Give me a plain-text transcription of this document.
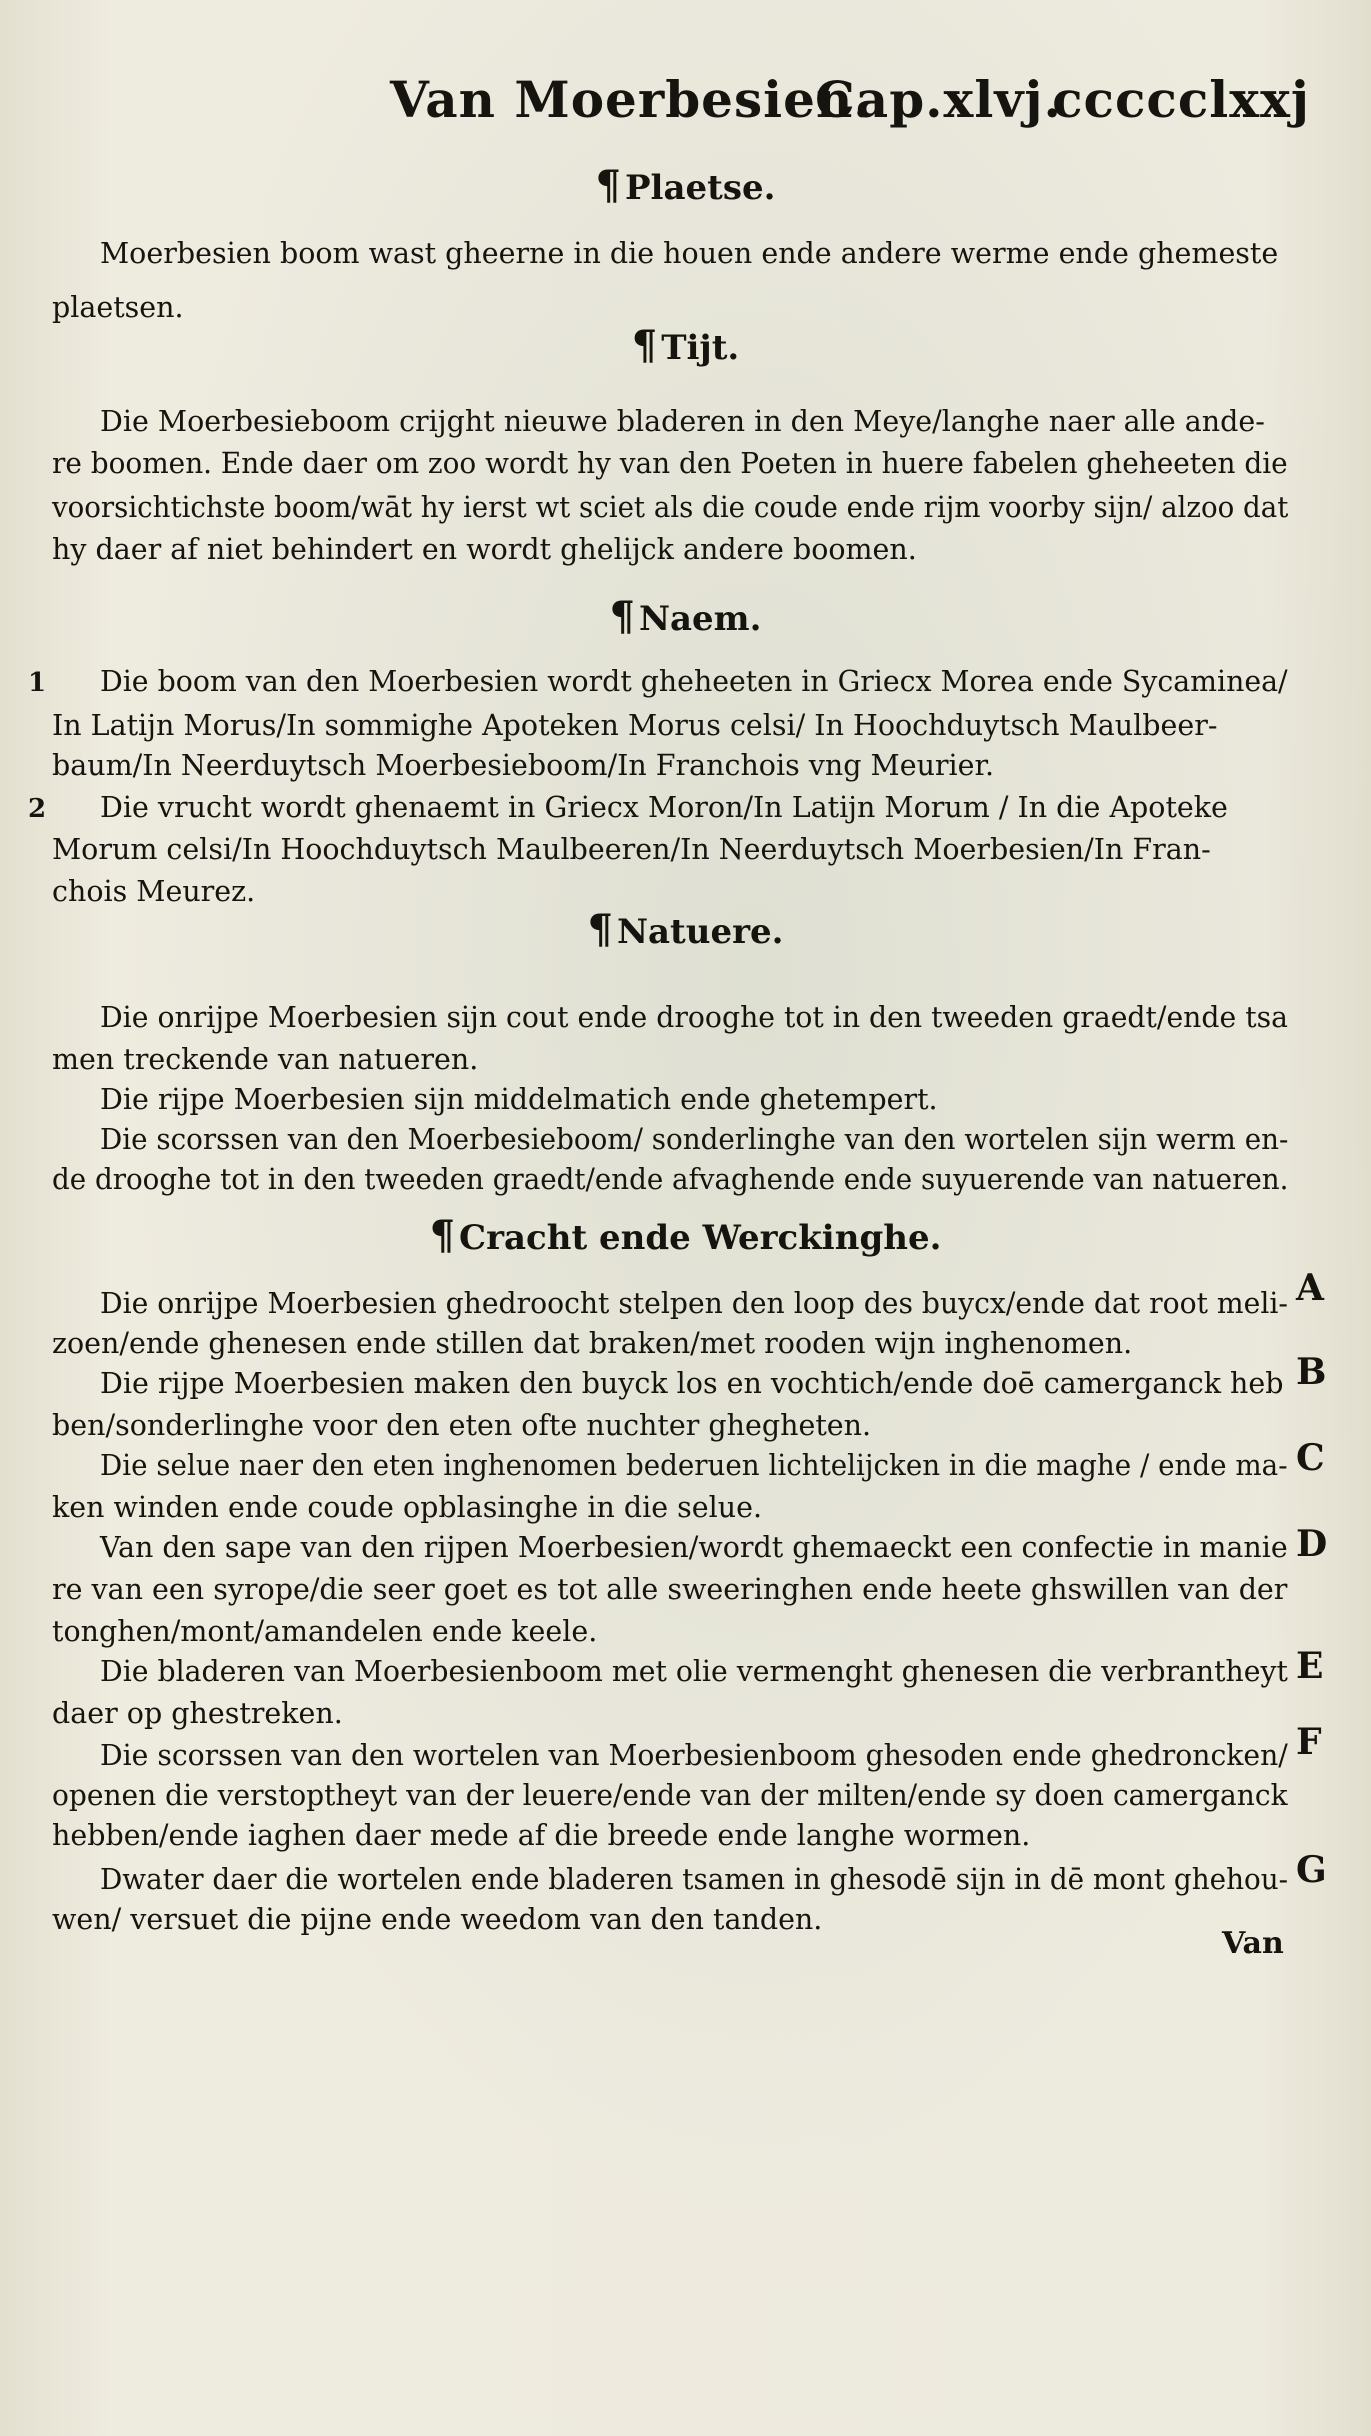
Van Moerbesien.
Cap.xlvj.
ccccclxxj
¶ Plaetse.
Moerbesien boom wast gheerne in die houen ende andere werme ende ghemeste
plaetsen.
¶ Tijt.
Die Moerbesieboom crijght nieuwe bladeren in den Meye/langhe naer alle ande-
re boomen. Ende daer om zoo wordt hy van den Poeten in huere fabelen gheheeten die
voorsichtichste boom/wāt hy ierst wt sciet als die coude ende rijm voorby sijn/ alzoo dat
hy daer af niet behindert en wordt ghelijck andere boomen.
¶ Naem.
1 Die boom van den Moerbesien wordt gheheeten in Griecx Morea ende Sycaminea/
In Latijn Morus/In sommighe Apoteken Morus celsi/ In Hoochduytsch Maulbeer-
baum/In Neerduytsch Moerbesieboom/In Franchois vng Meurier.
2 Die vrucht wordt ghenaemt in Griecx Moron/In Latijn Morum / In die Apoteke
Morum celsi/In Hoochduytsch Maulbeeren/In Neerduytsch Moerbesien/In Fran-
chois Meurez.
¶ Natuere.
Die onrijpe Moerbesien sijn cout ende drooghe tot in den tweeden graedt/ende tsa
men treckende van natueren.
Die rijpe Moerbesien sijn middelmatich ende ghetempert.
Die scorssen van den Moerbesieboom/ sonderlinghe van den wortelen sijn werm en-
de drooghe tot in den tweeden graedt/ende afvaghende ende suyuerende van natueren.
¶ Cracht ende Werckinghe.
Die onrijpe Moerbesien ghedroocht stelpen den loop des buycx/ende dat root meli- A
zoen/ende ghenesen ende stillen dat braken/met rooden wijn inghenomen.
Die rijpe Moerbesien maken den buyck los en vochtich/ende doē camerganck heb B
ben/sonderlinghe voor den eten ofte nuchter ghegheten.
Die selue naer den eten inghenomen bederuen lichtelijcken in die maghe / ende ma- C
ken winden ende coude opblasinghe in die selue.
Van den sape van den rijpen Moerbesien/wordt ghemaeckt een confectie in manie D
re van een syrope/die seer goet es tot alle sweeringhen ende heete ghswillen van der
tonghen/mont/amandelen ende keele.
Die bladeren van Moerbesienboom met olie vermenght ghenesen die verbrantheyt E
daer op ghestreken.
Die scorssen van den wortelen van Moerbesienboom ghesoden ende ghedroncken/ F
openen die verstoptheyt van der leuere/ende van der milten/ende sy doen camerganck
hebben/ende iaghen daer mede af die breede ende langhe wormen.
Dwater daer die wortelen ende bladeren tsamen in ghesodē sijn in dē mont ghehou- G
wen/ versuet die pijne ende weedom van den tanden.
Van
